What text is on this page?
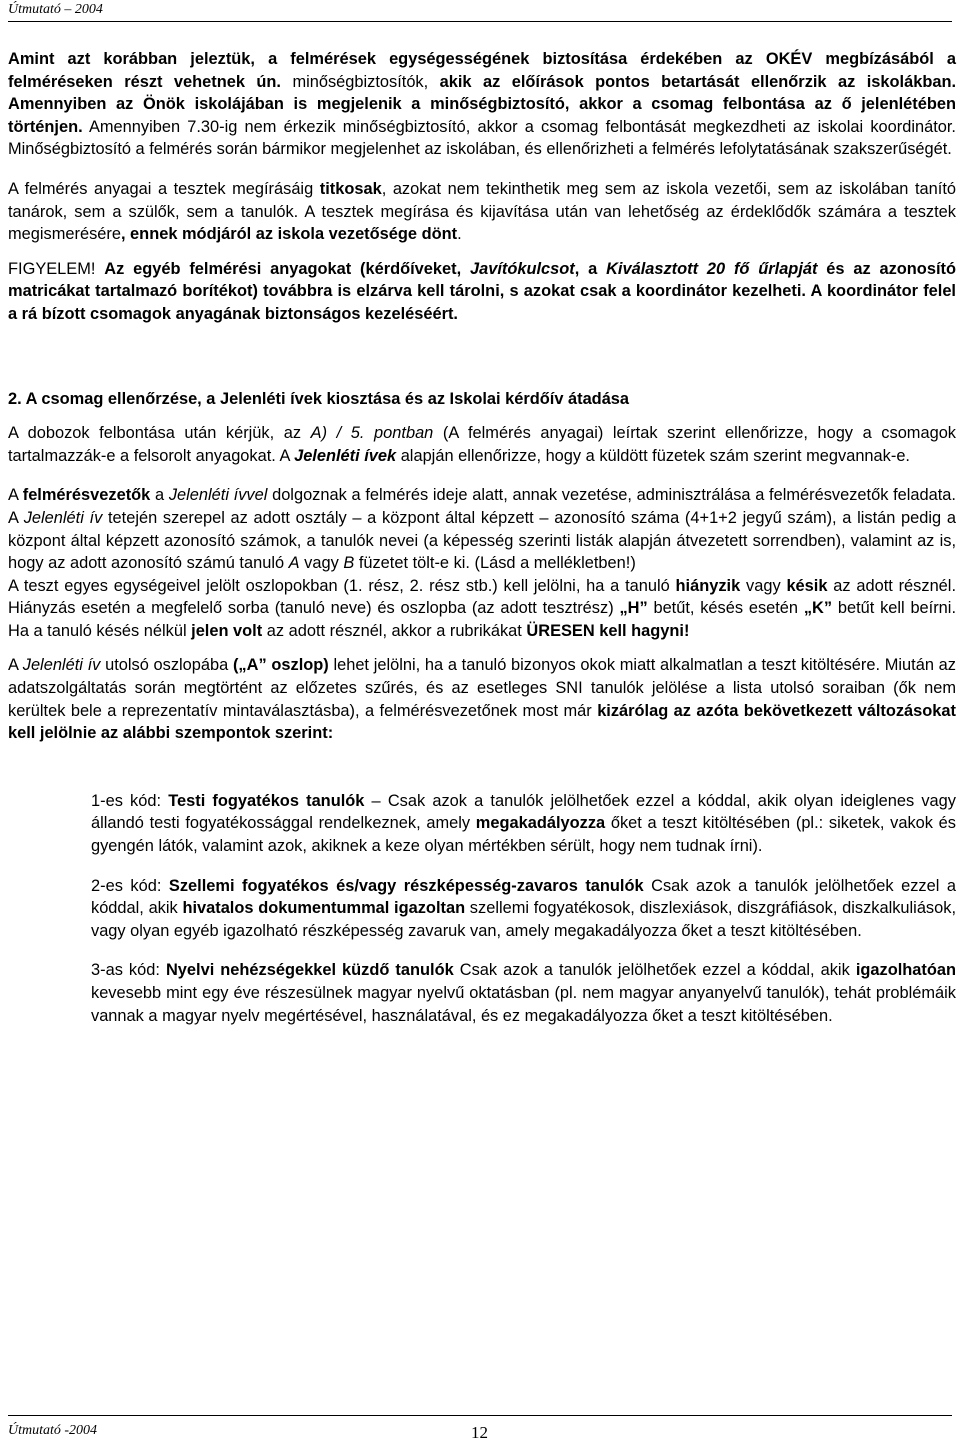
Útmutató – 2004

Amint azt korábban jeleztük, a felmérések egységességének biztosítása érdekében az OKÉV megbízásából a felméréseken részt vehetnek ún. minőségbiztosítók, akik az előírások pontos betartását ellenőrzik az iskolákban. Amennyiben az Önök iskolájában is megjelenik a minőségbiztosító, akkor a csomag felbontása az ő jelenlétében történjen. Amennyiben 7.30-ig nem érkezik minőségbiztosító, akkor a csomag felbontását megkezdheti az iskolai koordinátor. Minőségbiztosító a felmérés során bármikor megjelenhet az iskolában, és ellenőrizheti a felmérés lefolytatásának szakszerűségét.

A felmérés anyagai a tesztek megírásáig titkosak, azokat nem tekinthetik meg sem az iskola vezetői, sem az iskolában tanító tanárok, sem a szülők, sem a tanulók. A tesztek megírása és kijavítása után van lehetőség az érdeklődők számára a tesztek megismerésére, ennek módjáról az iskola vezetősége dönt.

FIGYELEM! Az egyéb felmérési anyagokat (kérdőíveket, Javítókulcsot, a Kiválasztott 20 fő űrlapját és az azonosító matricákat tartalmazó borítékot) továbbra is elzárva kell tárolni, s azokat csak a koordinátor kezelheti. A koordinátor felel a rá bízott csomagok anyagának biztonságos kezeléséért.

2. A csomag ellenőrzése, a Jelenléti ívek kiosztása és az Iskolai kérdőív átadása

A dobozok felbontása után kérjük, az A) / 5. pontban (A felmérés anyagai) leírtak szerint ellenőrizze, hogy a csomagok tartalmazzák-e a felsorolt anyagokat. A Jelenléti ívek alapján ellenőrizze, hogy a küldött füzetek szám szerint megvannak-e.

A felmérésvezetők a Jelenléti ívvel dolgoznak a felmérés ideje alatt, annak vezetése, adminisztrálása a felmérésvezetők feladata. A Jelenléti ív tetején szerepel az adott osztály – a központ által képzett – azonosító száma (4+1+2 jegyű szám), a listán pedig a központ által képzett azonosító számok, a tanulók nevei (a képesség szerinti listák alapján átvezetett sorrendben), valamint az is, hogy az adott azonosító számú tanuló A vagy B füzetet tölt-e ki. (Lásd a mellékletben!)

A teszt egyes egységeivel jelölt oszlopokban (1. rész, 2. rész stb.) kell jelölni, ha a tanuló hiányzik vagy késik az adott résznél. Hiányzás esetén a megfelelő sorba (tanuló neve) és oszlopba (az adott tesztrész) „H” betűt, késés esetén „K” betűt kell beírni. Ha a tanuló késés nélkül jelen volt az adott résznél, akkor a rubrikákat ÜRESEN kell hagyni!

A Jelenléti ív utolsó oszlopába („A” oszlop) lehet jelölni, ha a tanuló bizonyos okok miatt alkalmatlan a teszt kitöltésére. Miután az adatszolgáltatás során megtörtént az előzetes szűrés, és az esetleges SNI tanulók jelölése a lista utolsó soraiban (ők nem kerültek bele a reprezentatív mintaválasztásba), a felmérésvezetőnek most már kizárólag az azóta bekövetkezett változásokat kell jelölnie az alábbi szempontok szerint:

1-es kód: Testi fogyatékos tanulók – Csak azok a tanulók jelölhetőek ezzel a kóddal, akik olyan ideiglenes vagy állandó testi fogyatékossággal rendelkeznek, amely megakadályozza őket a teszt kitöltésében (pl.: siketek, vakok és gyengén látók, valamint azok, akiknek a keze olyan mértékben sérült, hogy nem tudnak írni).

2-es kód: Szellemi fogyatékos és/vagy részképesség-zavaros tanulók Csak azok a tanulók jelölhetőek ezzel a kóddal, akik hivatalos dokumentummal igazoltan szellemi fogyatékosok, diszlexiások, diszgráfiások, diszkalkuliások, vagy olyan egyéb igazolható részképesség zavaruk van, amely megakadályozza őket a teszt kitöltésében.

3-as kód: Nyelvi nehézségekkel küzdő tanulók Csak azok a tanulók jelölhetőek ezzel a kóddal, akik igazolhatóan kevesebb mint egy éve részesülnek magyar nyelvű oktatásban (pl. nem magyar anyanyelvű tanulók), tehát problémáik vannak a magyar nyelv megértésével, használatával, és ez megakadályozza őket a teszt kitöltésében.

Útmutató -2004	12
